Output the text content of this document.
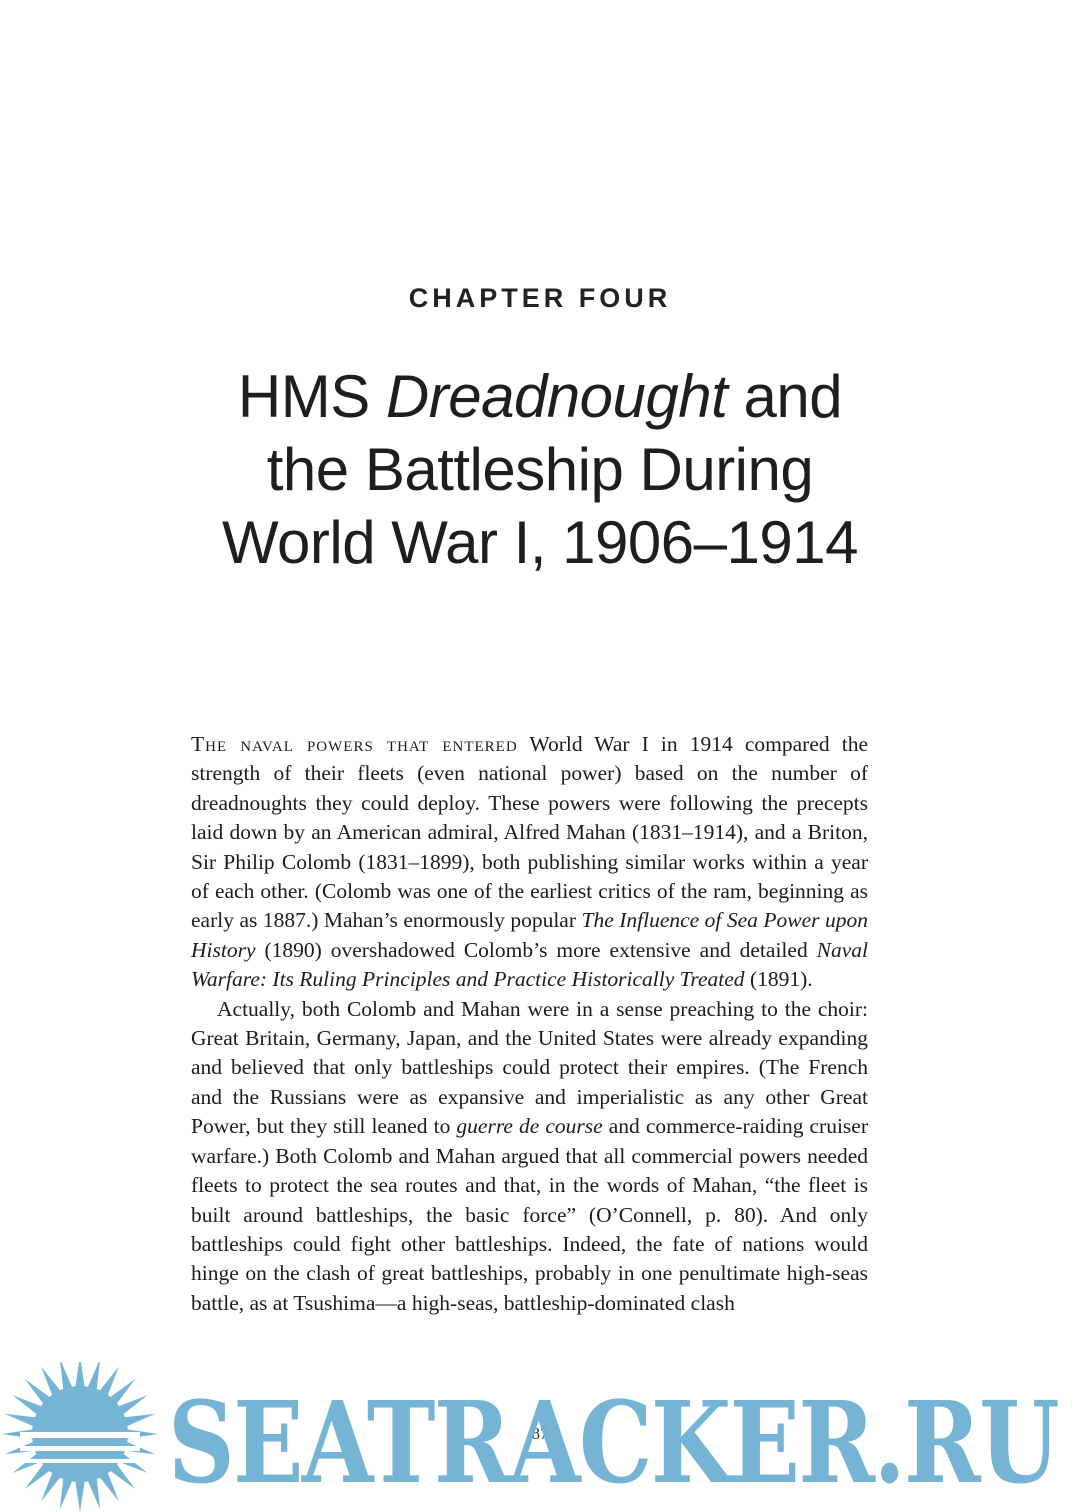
CHAPTER FOUR
HMS Dreadnought and
the Battleship During
World War I, 1906–1914

The naval powers that entered World War I in 1914 compared the strength of their fleets (even national power) based on the number of dreadnoughts they could deploy. These powers were following the precepts laid down by an American admiral, Alfred Mahan (1831–1914), and a Briton, Sir Philip Colomb (1831–1899), both publishing similar works within a year of each other. (Colomb was one of the earliest critics of the ram, beginning as early as 1887.) Mahan’s enormously popular The Influence of Sea Power upon History (1890) overshadowed Colomb’s more extensive and detailed Naval Warfare: Its Ruling Principles and Practice Historically Treated (1891).

Actually, both Colomb and Mahan were in a sense preaching to the choir: Great Britain, Germany, Japan, and the United States were already expanding and believed that only battleships could protect their empires. (The French and the Russians were as expansive and imperialistic as any other Great Power, but they still leaned to guerre de course and commerce-raiding cruiser warfare.) Both Colomb and Mahan argued that all commercial powers needed fleets to protect the sea routes and that, in the words of Mahan, “the fleet is built around battleships, the basic force” (O’Connell, p. 80). And only battleships could fight other battleships. Indeed, the fate of nations would hinge on the clash of great battleships, probably in one penultimate high-seas battle, as at Tsushima—a high-seas, battleship-dominated clash

87
SEATRACKER.RU
